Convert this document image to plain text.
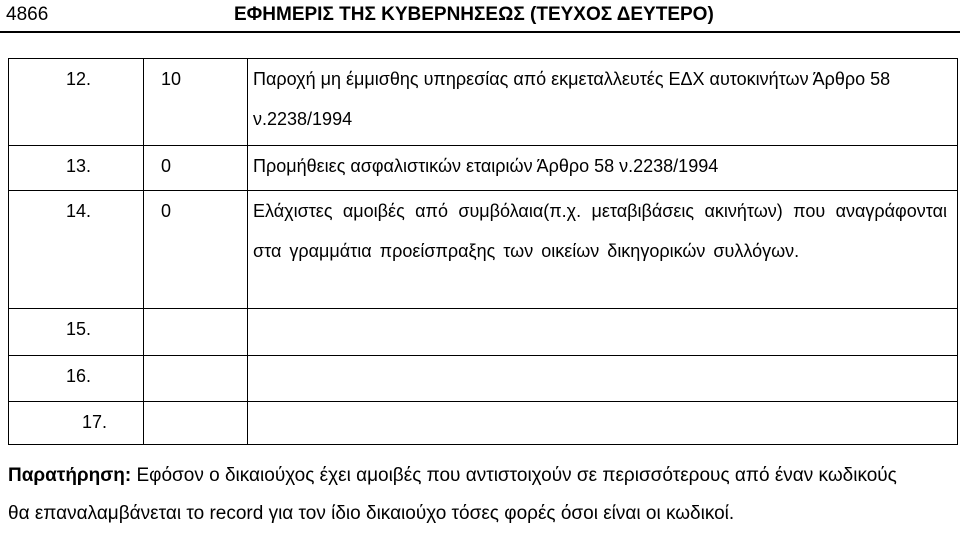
4866	ΕΦΗΜΕΡΙΣ ΤΗΣ ΚΥΒΕΡΝΗΣΕΩΣ (ΤΕΥΧΟΣ ΔΕΥΤΕΡΟ)
12.	10	Παροχή μη έμμισθης υπηρεσίας από εκμεταλλευτές ΕΔΧ αυτοκινήτων Άρθρο 58 ν.2238/1994
13.	0	Προμήθειες ασφαλιστικών εταιριών Άρθρο 58 ν.2238/1994
14.	0	Ελάχιστες αμοιβές από συμβόλαια(π.χ. μεταβιβάσεις ακινήτων) που αναγράφονται στα γραμμάτια προείσπραξης των οικείων δικηγορικών συλλόγων.
15.		
16.		
17.		
Παρατήρηση: Εφόσον ο δικαιούχος έχει αμοιβές που αντιστοιχούν σε περισσότερους από έναν κωδικούς θα επαναλαμβάνεται το record για τον ίδιο δικαιούχο τόσες φορές όσοι είναι οι κωδικοί.
